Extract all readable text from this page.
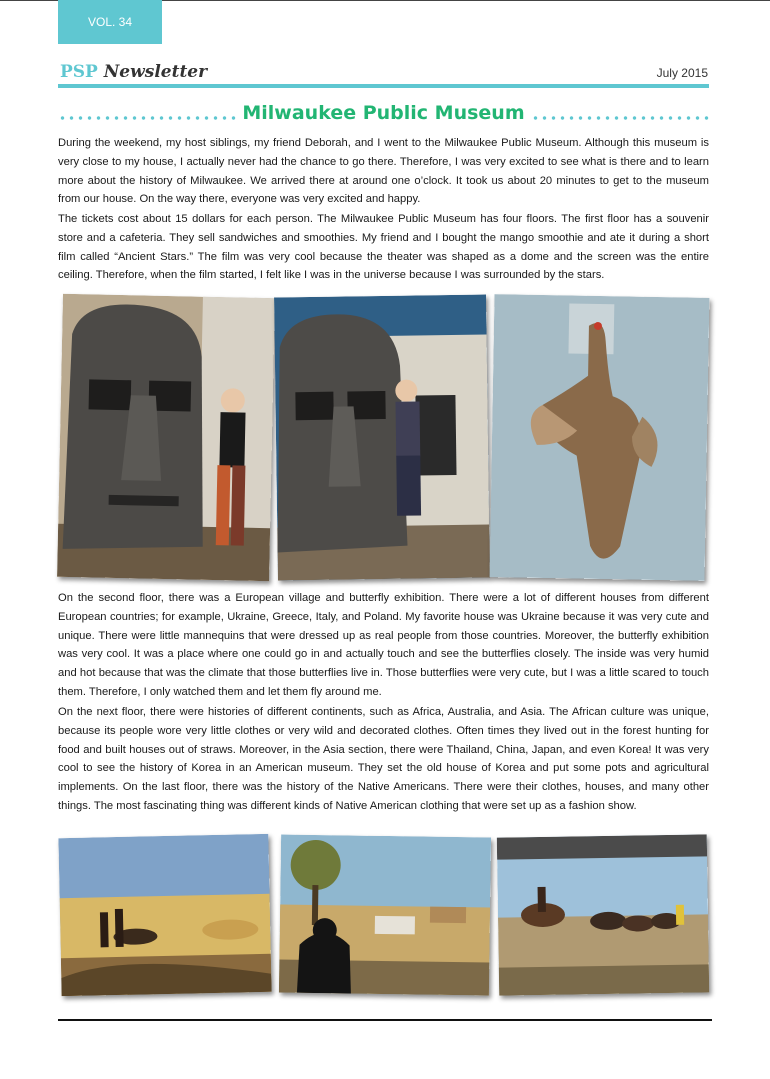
VOL. 34
PSP Newsletter	July 2015
Milwaukee Public Museum

During the weekend, my host siblings, my friend Deborah, and I went to the Milwaukee Public Museum. Although this museum is very close to my house, I actually never had the chance to go there. Therefore, I was very excited to see what is there and to learn more about the history of Milwaukee. We arrived there at around one o’clock. It took us about 20 minutes to get to the museum from our house. On the way there, everyone was very excited and happy.

The tickets cost about 15 dollars for each person. The Milwaukee Public Museum has four floors. The first floor has a souvenir store and a cafeteria. They sell sandwiches and smoothies. My friend and I bought the mango smoothie and ate it during a short film called “Ancient Stars.” The film was very cool because the theater was shaped as a dome and the screen was the entire ceiling. Therefore, when the film started, I felt like I was in the universe because I was surrounded by the stars.

On the second floor, there was a European village and butterfly exhibition. There were a lot of different houses from different European countries; for example, Ukraine, Greece, Italy, and Poland. My favorite house was Ukraine because it was very cute and unique. There were little mannequins that were dressed up as real people from those countries. Moreover, the butterfly exhibition was very cool. It was a place where one could go in and actually touch and see the butterflies closely. The inside was very humid and hot because that was the climate that those butterflies live in. Those butterflies were very cute, but I was a little scared to touch them. Therefore, I only watched them and let them fly around me.

On the next floor, there were histories of different continents, such as Africa, Australia, and Asia. The African culture was unique, because its people wore very little clothes or very wild and decorated clothes. Often times they lived out in the forest hunting for food and built houses out of straws. Moreover, in the Asia section, there were Thailand, China, Japan, and even Korea! It was very cool to see the history of Korea in an American museum. They set the old house of Korea and put some pots and agricultural implements. On the last floor, there was the history of the Native Americans. There were their clothes, houses, and many other things. The most fascinating thing was different kinds of Native American clothing that were set up as a fashion show.
